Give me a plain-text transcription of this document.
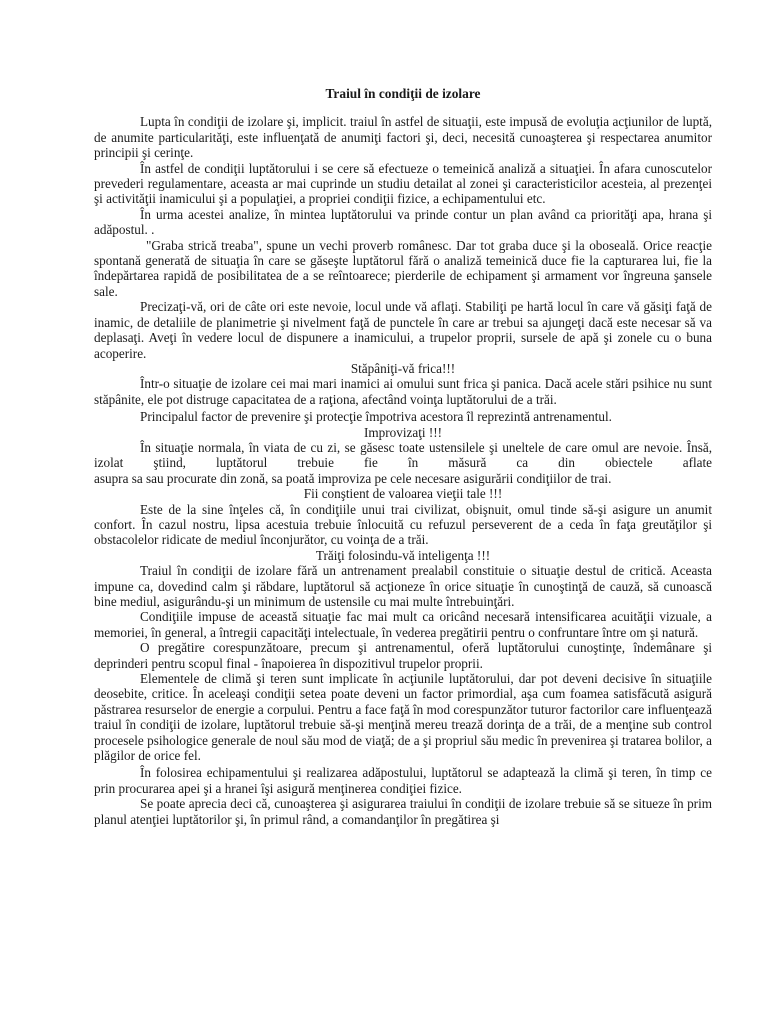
Traiul în condiţii de izolare

Lupta în condiţii de izolare şi, implicit. traiul în astfel de situaţii, este impusă de evoluţia acţiunilor de luptă, de anumite particularităţi, este influenţată de anumiţi factori şi, deci, necesită cunoaşterea şi respectarea anumitor principii şi cerinţe.

În astfel de condiţii luptătorului i se cere să efectueze o temeinică analiză a situaţiei. În afara cunoscutelor prevederi regulamentare, aceasta ar mai cuprinde un studiu detailat al zonei şi caracteristicilor acesteia, al prezenţei şi activităţii inamicului şi a populaţiei, a propriei condiţii fizice, a echipamentului etc.

În urma acestei analize, în mintea luptătorului va prinde contur un plan având ca priorităţi apa, hrana şi adăpostul. .

"Graba strică treaba", spune un vechi proverb românesc. Dar tot graba duce şi la oboseală. Orice reacţie spontană generată de situaţia în care se găseşte luptătorul fără o analiză temeinică duce fie la capturarea lui, fie la îndepărtarea rapidă de posibilitatea de a se reîntoarece; pierderile de echipament şi armament vor îngreuna şansele sale.

Precizaţi-vă, ori de câte ori este nevoie, locul unde vă aflaţi. Stabiliţi pe hartă locul în care vă găsiţi faţă de inamic, de detaliile de planimetrie şi nivelment faţă de punctele în care ar trebui sa ajungeţi dacă este necesar să va deplasaţi. Aveţi în vedere locul de dispunere a inamicului, a trupelor proprii, sursele de apă şi zonele cu o buna acoperire.

Stăpâniţi-vă frica!!!

Într-o situaţie de izolare cei mai mari inamici ai omului sunt frica şi panica. Dacă acele stări psihice nu sunt stăpânite, ele pot distruge capacitatea de a raţiona, afectând voinţa luptătorului de a trăi.

Principalul factor de prevenire şi protecţie împotriva acestora îl reprezintă antrenamentul.

Improvizaţi !!!

În situaţie normala, în viata de cu zi, se găsesc toate ustensilele şi uneltele de care omul are nevoie. Însă, izolat ştiind, luptătorul trebuie fie în măsură ca din obiectele aflate

asupra sa sau procurate din zonă, sa poată improviza pe cele necesare asigurării condiţiilor de trai.

Fii conştient de valoarea vieţii tale !!!

Este de la sine înţeles că, în condiţiile unui trai civilizat, obişnuit, omul tinde să-şi asigure un anumit confort. În cazul nostru, lipsa acestuia trebuie înlocuită cu refuzul perseverent de a ceda în faţa greutăţilor şi obstacolelor ridicate de mediul înconjurător, cu voinţa de a trăi.

Trăiţi folosindu-vă inteligenţa !!!

Traiul în condiţii de izolare fără un antrenament prealabil constituie o situaţie destul de critică. Aceasta impune ca, dovedind calm şi răbdare, luptătorul să acţioneze în orice situaţie în cunoştinţă de cauză, să cunoască bine mediul, asigurându-şi un minimum de ustensile cu mai multe întrebuinţări.

Condiţiile impuse de această situaţie fac mai mult ca oricând necesară intensificarea acuităţii vizuale, a memoriei, în general, a întregii capacităţi intelectuale, în vederea pregătirii pentru o confruntare între om şi natură.

O pregătire corespunzătoare, precum şi antrenamentul, oferă luptătorului cunoştinţe, îndemânare şi deprinderi pentru scopul final - înapoierea în dispozitivul trupelor proprii.

Elementele de climă şi teren sunt implicate în acţiunile luptătorului, dar pot deveni decisive în situaţiile deosebite, critice. În aceleaşi condiţii setea poate deveni un factor primordial, aşa cum foamea satisfăcută asigură păstrarea resurselor de energie a corpului. Pentru a face faţă în mod corespunzător tuturor factorilor care influenţează traiul în condiţii de izolare, luptătorul trebuie să-şi menţină mereu trează dorinţa de a trăi, de a menţine sub control procesele psihologice generale de noul său mod de viaţă; de a şi propriul său medic în prevenirea şi tratarea bolilor, a plăgilor de orice fel.

În folosirea echipamentului şi realizarea adăpostului, luptătorul se adaptează la climă şi teren, în timp ce prin procurarea apei şi a hranei îşi asigură menţinerea condiţiei fizice.

Se poate aprecia deci că, cunoaşterea şi asigurarea traiului în condiţii de izolare trebuie să se situeze în prim planul atenţiei luptătorilor şi, în primul rând, a comandanţilor în pregătirea şi
